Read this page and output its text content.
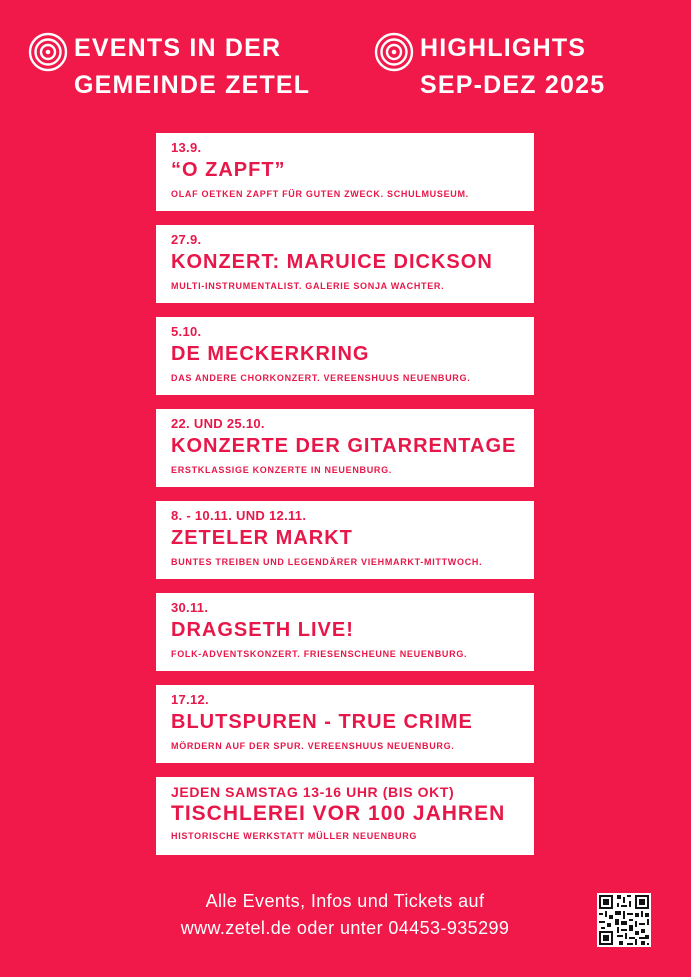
EVENTS IN DER
GEMEINDE ZETEL
HIGHLIGHTS
SEP-DEZ 2025
13.9.
“O ZAPFT”
OLAF OETKEN ZAPFT FÜR GUTEN ZWECK. SCHULMUSEUM.
27.9.
KONZERT: MARUICE DICKSON
MULTI-INSTRUMENTALIST. GALERIE SONJA WACHTER.
5.10.
DE MECKERKRING
DAS ANDERE CHORKONZERT. VEREENSHUUS NEUENBURG.
22. UND 25.10.
KONZERTE DER GITARRENTAGE
ERSTKLASSIGE KONZERTE IN NEUENBURG.
8. - 10.11. UND 12.11.
ZETELER MARKT
BUNTES TREIBEN UND LEGENDÄRER VIEHMARKT-MITTWOCH.
30.11.
DRAGSETH LIVE!
FOLK-ADVENTSKONZERT. FRIESENSCHEUNE NEUENBURG.
17.12.
BLUTSPUREN - TRUE CRIME
MÖRDERN AUF DER SPUR. VEREENSHUUS NEUENBURG.
JEDEN SAMSTAG 13-16 UHR (BIS OKT)
TISCHLEREI VOR 100 JAHREN
HISTORISCHE WERKSTATT MÜLLER NEUENBURG
Alle Events, Infos und Tickets auf
www.zetel.de oder unter 04453-935299
